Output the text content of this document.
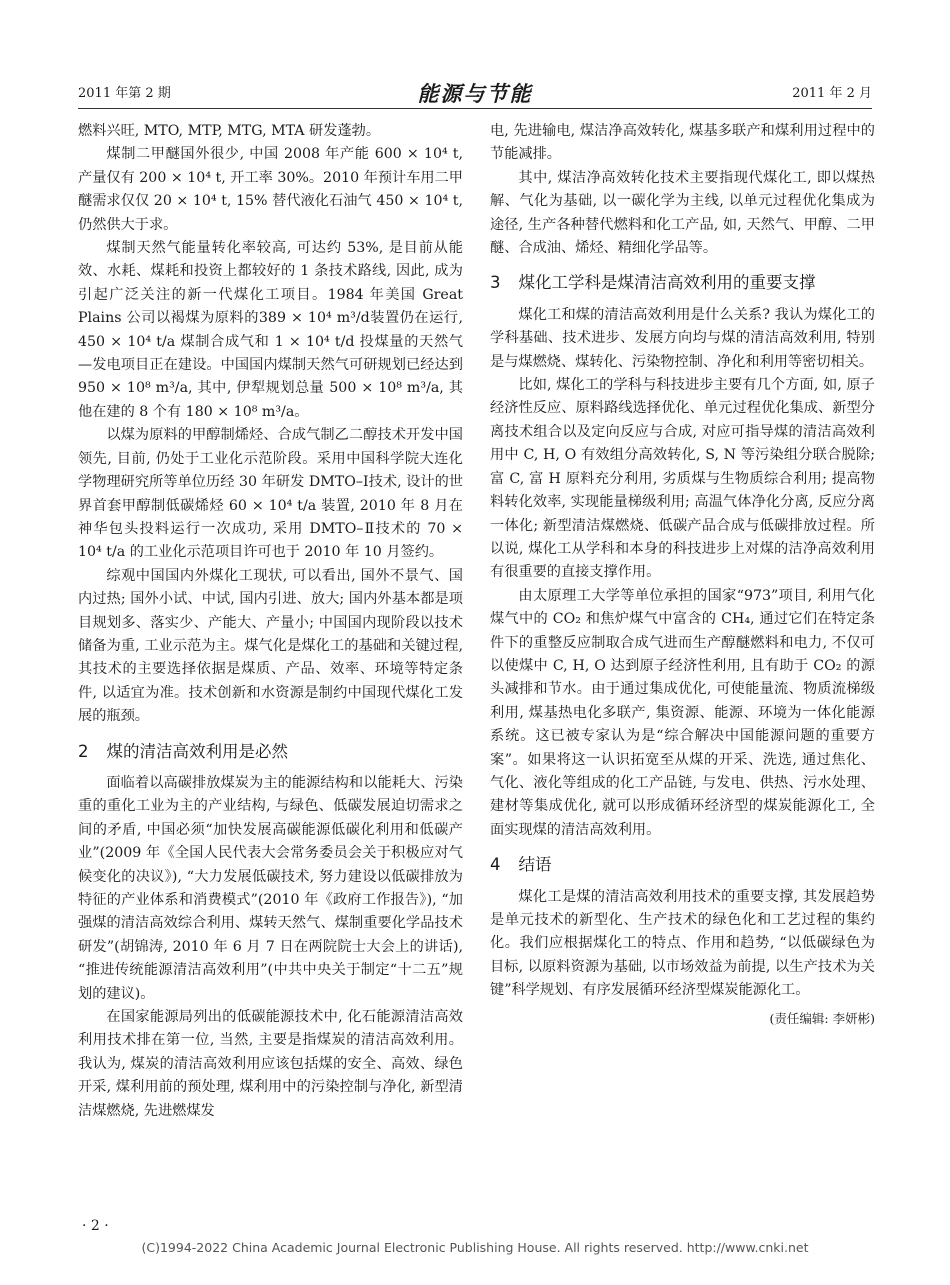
2011 年第 2 期	能源与节能	2011 年 2 月

燃料兴旺, MTO, MTP, MTG, MTA 研发蓬勃。

煤制二甲醚国外很少, 中国 2008 年产能 600 × 10⁴ t, 产量仅有 200 × 10⁴ t, 开工率 30%。2010 年预计车用二甲醚需求仅仅 20 × 10⁴ t, 15% 替代液化石油气 450 × 10⁴ t, 仍然供大于求。

煤制天然气能量转化率较高, 可达约 53%, 是目前从能效、水耗、煤耗和投资上都较好的 1 条技术路线, 因此, 成为引起广泛关注的新一代煤化工项目。1984 年美国 Great Plains 公司以褐煤为原料的389 × 10⁴ m³/d装置仍在运行, 450 × 10⁴ t/a 煤制合成气和 1 × 10⁴ t/d 投煤量的天然气—发电项目正在建设。中国国内煤制天然气可研规划已经达到950 × 10⁸ m³/a, 其中, 伊犁规划总量 500 × 10⁸ m³/a, 其他在建的 8 个有 180 × 10⁸ m³/a。

以煤为原料的甲醇制烯烃、合成气制乙二醇技术开发中国领先, 目前, 仍处于工业化示范阶段。采用中国科学院大连化学物理研究所等单位历经 30 年研发 DMTO–Ⅰ技术, 设计的世界首套甲醇制低碳烯烃 60 × 10⁴ t/a 装置, 2010 年 8 月在神华包头投料运行一次成功, 采用 DMTO–Ⅱ技术的 70 × 10⁴ t/a 的工业化示范项目许可也于 2010 年 10 月签约。

综观中国国内外煤化工现状, 可以看出, 国外不景气、国内过热; 国外小试、中试, 国内引进、放大; 国内外基本都是项目规划多、落实少、产能大、产量小; 中国国内现阶段以技术储备为重, 工业示范为主。煤气化是煤化工的基础和关键过程, 其技术的主要选择依据是煤质、产品、效率、环境等特定条件, 以适宜为准。技术创新和水资源是制约中国现代煤化工发展的瓶颈。

2 煤的清洁高效利用是必然

面临着以高碳排放煤炭为主的能源结构和以能耗大、污染重的重化工业为主的产业结构, 与绿色、低碳发展迫切需求之间的矛盾, 中国必须“加快发展高碳能源低碳化利用和低碳产业”(2009 年《全国人民代表大会常务委员会关于积极应对气候变化的决议》), “大力发展低碳技术, 努力建设以低碳排放为特征的产业体系和消费模式”(2010 年《政府工作报告》), “加强煤的清洁高效综合利用、煤转天然气、煤制重要化学品技术研发”(胡锦涛, 2010 年 6 月 7 日在两院院士大会上的讲话), “推进传统能源清洁高效利用”(中共中央关于制定“十二五”规划的建议)。

在国家能源局列出的低碳能源技术中, 化石能源清洁高效利用技术排在第一位, 当然, 主要是指煤炭的清洁高效利用。我认为, 煤炭的清洁高效利用应该包括煤的安全、高效、绿色开采, 煤利用前的预处理, 煤利用中的污染控制与净化, 新型清洁煤燃烧, 先进燃煤发

电, 先进输电, 煤洁净高效转化, 煤基多联产和煤利用过程中的节能减排。

其中, 煤洁净高效转化技术主要指现代煤化工, 即以煤热解、气化为基础, 以一碳化学为主线, 以单元过程优化集成为途径, 生产各种替代燃料和化工产品, 如, 天然气、甲醇、二甲醚、合成油、烯烃、精细化学品等。

3 煤化工学科是煤清洁高效利用的重要支撑

煤化工和煤的清洁高效利用是什么关系? 我认为煤化工的学科基础、技术进步、发展方向均与煤的清洁高效利用, 特别是与煤燃烧、煤转化、污染物控制、净化和利用等密切相关。

比如, 煤化工的学科与科技进步主要有几个方面, 如, 原子经济性反应、原料路线选择优化、单元过程优化集成、新型分离技术组合以及定向反应与合成, 对应可指导煤的清洁高效利用中 C, H, O 有效组分高效转化, S, N 等污染组分联合脱除; 富 C, 富 H 原料充分利用, 劣质煤与生物质综合利用; 提高物料转化效率, 实现能量梯级利用; 高温气体净化分离, 反应分离一体化; 新型清洁煤燃烧、低碳产品合成与低碳排放过程。所以说, 煤化工从学科和本身的科技进步上对煤的洁净高效利用有很重要的直接支撑作用。

由太原理工大学等单位承担的国家“973”项目, 利用气化煤气中的 CO₂ 和焦炉煤气中富含的 CH₄, 通过它们在特定条件下的重整反应制取合成气进而生产醇醚燃料和电力, 不仅可以使煤中 C, H, O 达到原子经济性利用, 且有助于 CO₂ 的源头减排和节水。由于通过集成优化, 可使能量流、物质流梯级利用, 煤基热电化多联产, 集资源、能源、环境为一体化能源系统。这已被专家认为是“综合解决中国能源问题的重要方案”。如果将这一认识拓宽至从煤的开采、洗选, 通过焦化、气化、液化等组成的化工产品链, 与发电、供热、污水处理、建材等集成优化, 就可以形成循环经济型的煤炭能源化工, 全面实现煤的清洁高效利用。

4 结语

煤化工是煤的清洁高效利用技术的重要支撑, 其发展趋势是单元技术的新型化、生产技术的绿色化和工艺过程的集约化。我们应根据煤化工的特点、作用和趋势, “以低碳绿色为目标, 以原料资源为基础, 以市场效益为前提, 以生产技术为关键”科学规划、有序发展循环经济型煤炭能源化工。

(责任编辑: 李妍彬)
· 2 ·
(C)1994-2022 China Academic Journal Electronic Publishing House. All rights reserved. http://www.cnki.net
